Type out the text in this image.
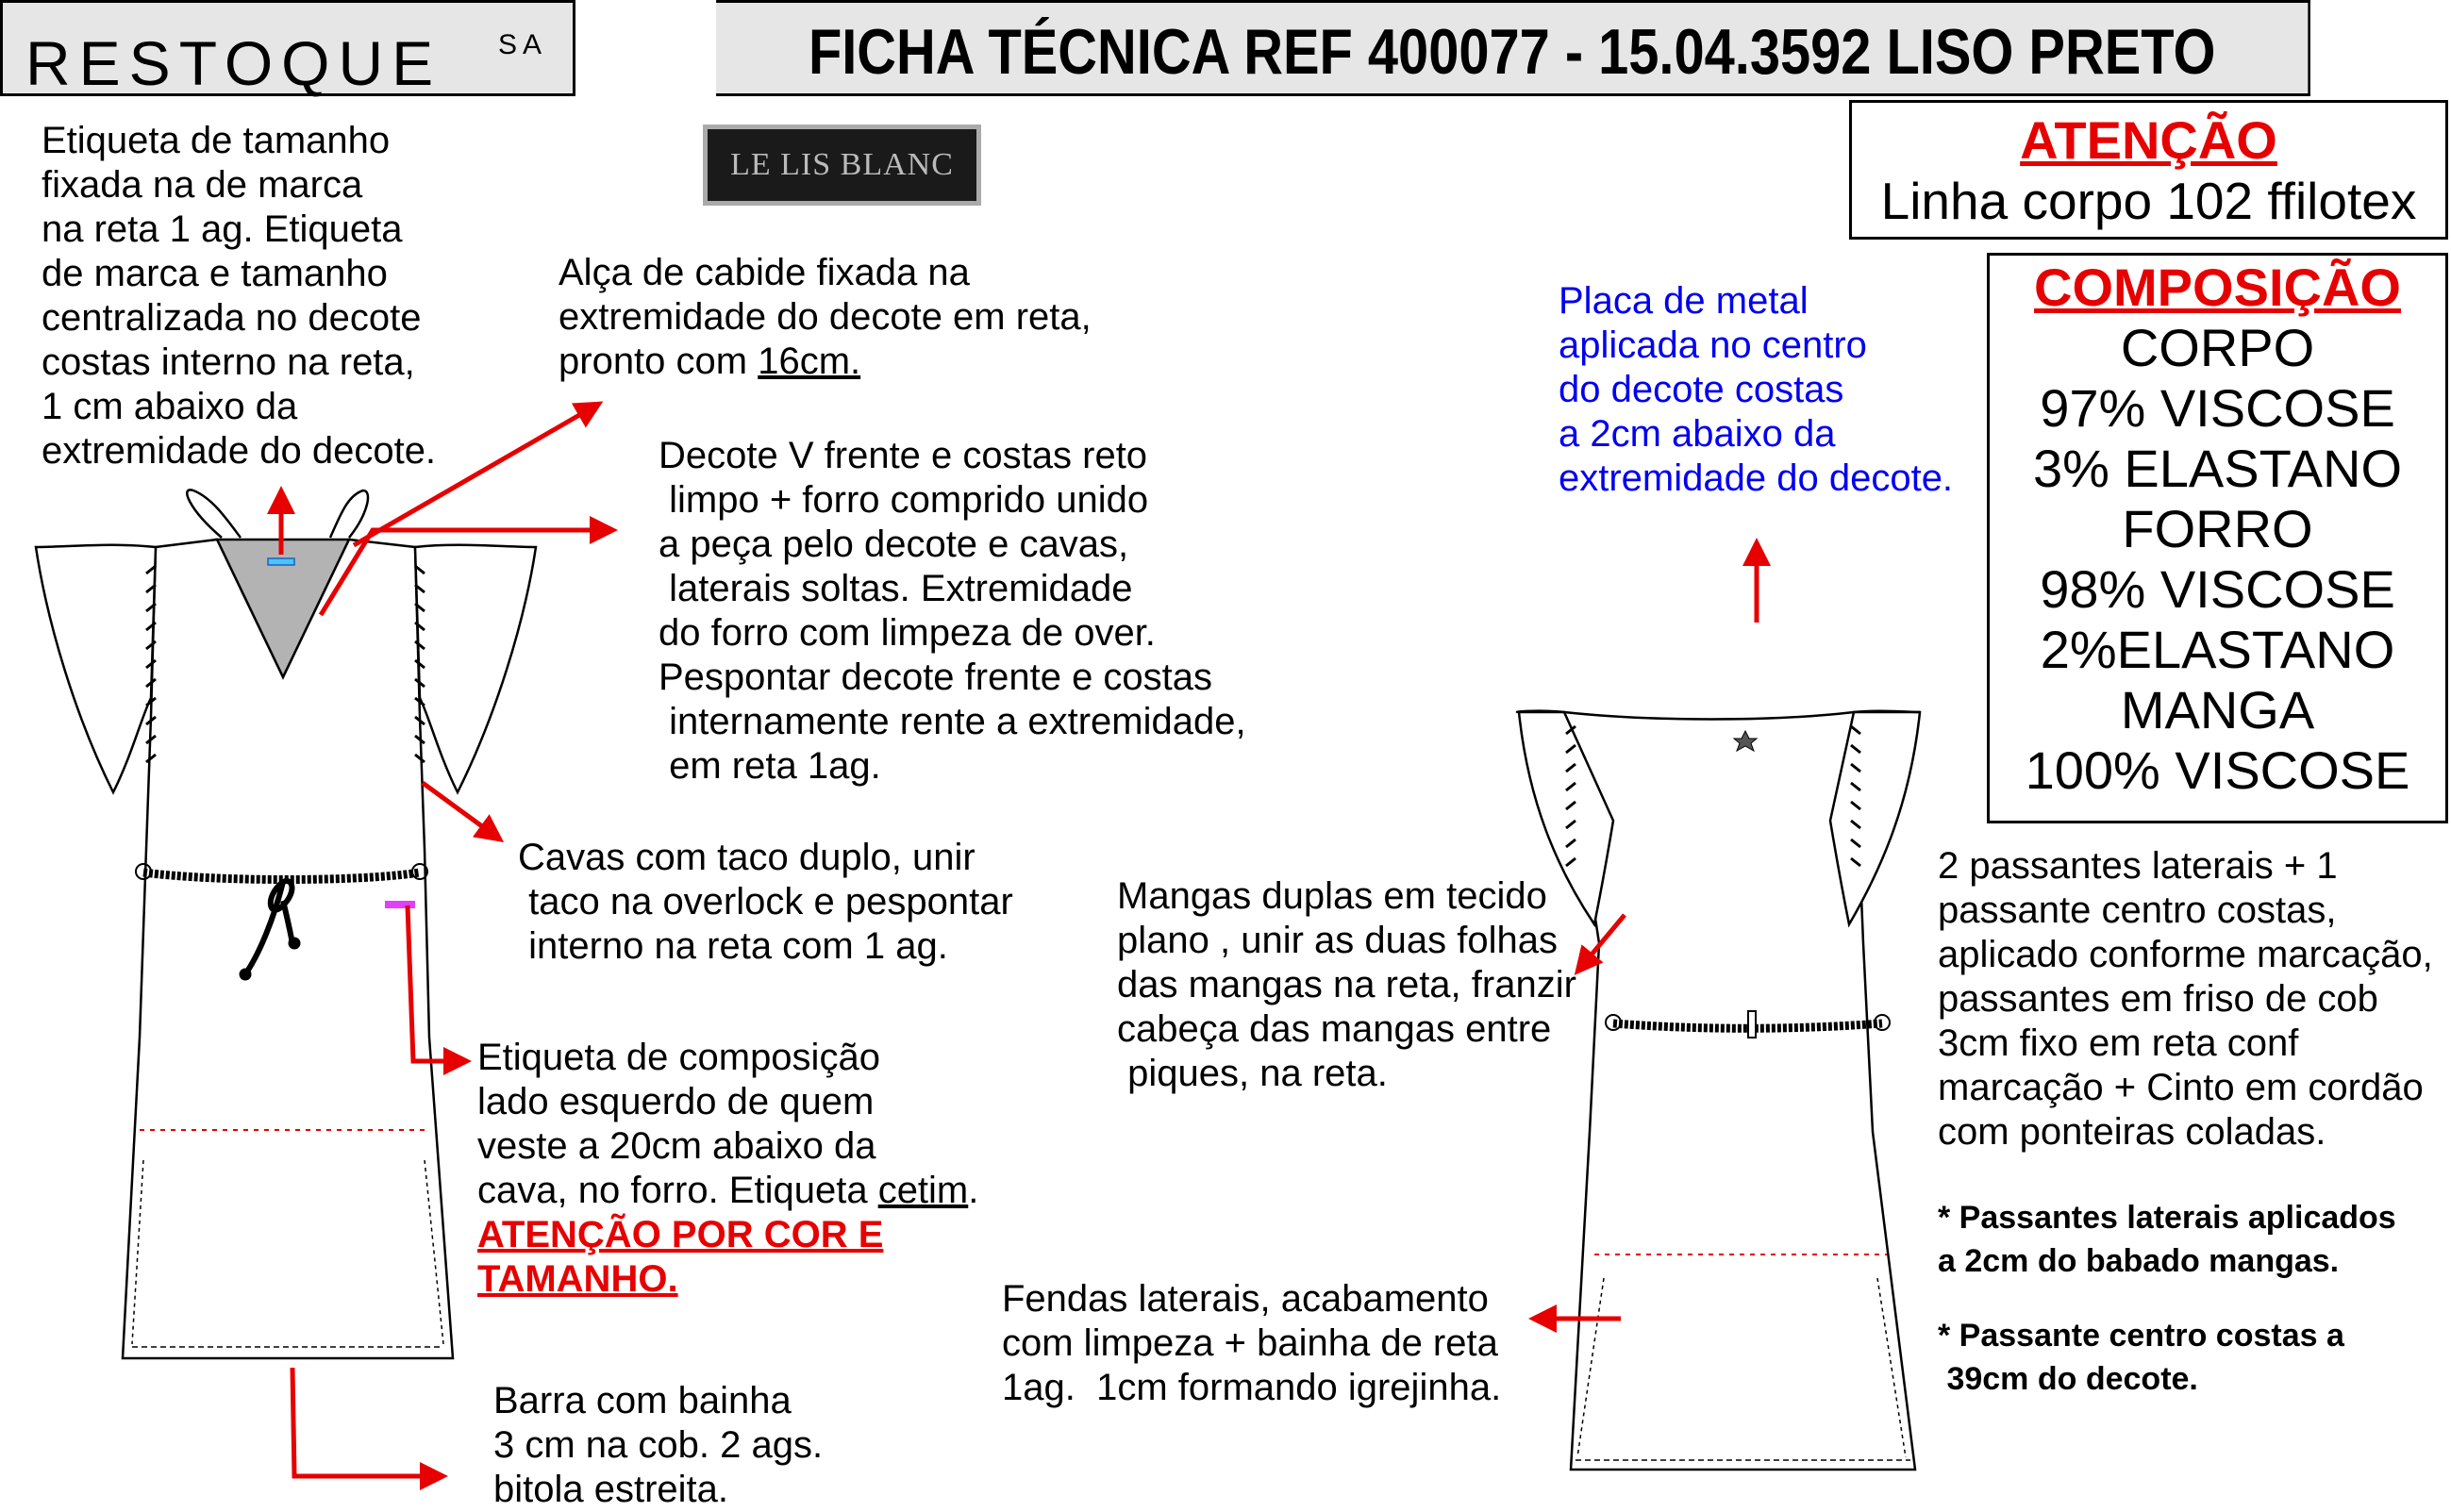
RESTOQUE SA	FICHA TÉCNICA REF 400077 - 15.04.3592 LISO PRETO
LE LIS BLANC
Etiqueta de tamanho
fixada na de marca
na reta 1 ag. Etiqueta
de marca e tamanho
centralizada no decote
costas interno na reta,
1 cm abaixo da
extremidade do decote.
Alça de cabide fixada na
extremidade do decote em reta,
pronto com 16cm.
Decote V frente e costas reto
limpo + forro comprido unido
a peça pelo decote e cavas,
laterais soltas. Extremidade
do forro com limpeza de over.
Pespontar decote frente e costas
internamente rente a extremidade,
em reta 1ag.
Cavas com taco duplo, unir
taco na overlock e pespontar
interno na reta com 1 ag.
Etiqueta de composição
lado esquerdo de quem
veste a 20cm abaixo da
cava, no forro. Etiqueta cetim.
ATENÇÃO POR COR E
TAMANHO.
Barra com bainha
3 cm na cob. 2 ags.
bitola estreita.
Placa de metal
aplicada no centro
do decote costas
a 2cm abaixo da
extremidade do decote.
Mangas duplas em tecido
plano , unir as duas folhas
das mangas na reta, franzir
cabeça das mangas entre
piques, na reta.
Fendas laterais, acabamento
com limpeza + bainha de reta
1ag.  1cm formando igrejinha.
2 passantes laterais + 1
passante centro costas,
aplicado conforme marcação,
passantes em friso de cob
3cm fixo em reta conf
marcação + Cinto em cordão
com ponteiras coladas.
* Passantes laterais aplicados
a 2cm do babado mangas.
* Passante centro costas a
39cm do decote.
ATENÇÃO
Linha corpo 102 ffilotex
COMPOSIÇÃO
CORPO
97% VISCOSE
3% ELASTANO
FORRO
98% VISCOSE
2%ELASTANO
MANGA
100% VISCOSE
